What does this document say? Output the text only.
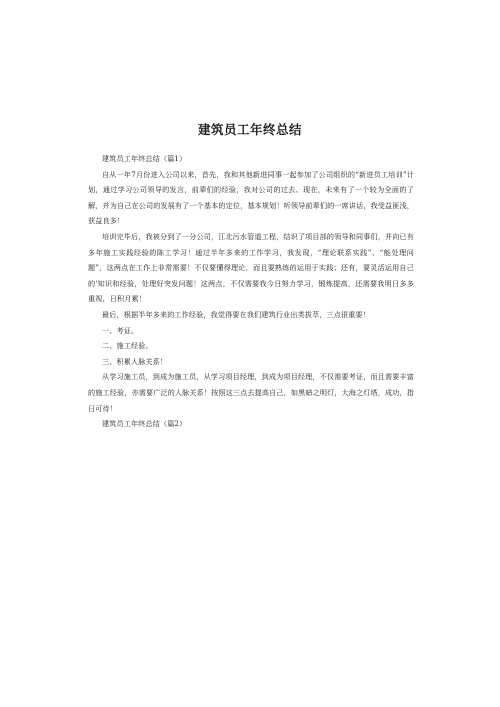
建筑员工年终总结

建筑员工年终总结（篇1）

自从一年7月份进入公司以来，首先，我和其他新进同事一起参加了公司组织的“新进员工培训”计划，通过学习公司领导的发言，前辈们的经验，我对公司的过去、现在，未来有了一个较为全面的了解，并为自己在公司的发展有了一个基本的定位，基本规划！听领导前辈们的一席讲话，我受益匪浅，获益良多！

培训完毕后，我被分到了一分公司，江北污水管道工程，结识了项目部的领导和同事们，并向已有多年施工实践经验的陈工学习！通过半年多来的工作学习，我发现，“理论联系实践”、“能处理问题”，这两点在工作上非常需要！不仅要懂得理论，而且要熟练的运用于实践；还有，要灵活运用自己的'知识和经验，处理好突发问题！这两点，不仅需要我今日努力学习，锻炼提高，还需要我明日多多重视，日积月累！

最后，根据半年多来的工作经验，我觉得要在我们建筑行业出类拔萃，三点很重要！

一、考证。

二、施工经验。

三、积累人脉关系！

从学习施工员，到成为施工员，从学习项目经理，到成为项目经理，不仅需要考证，而且需要丰富的施工经验，亦需要广泛的人脉关系！按照这三点去提高自己，如黑暗之明灯，大海之灯塔，成功，指日可待！

建筑员工年终总结（篇2）
